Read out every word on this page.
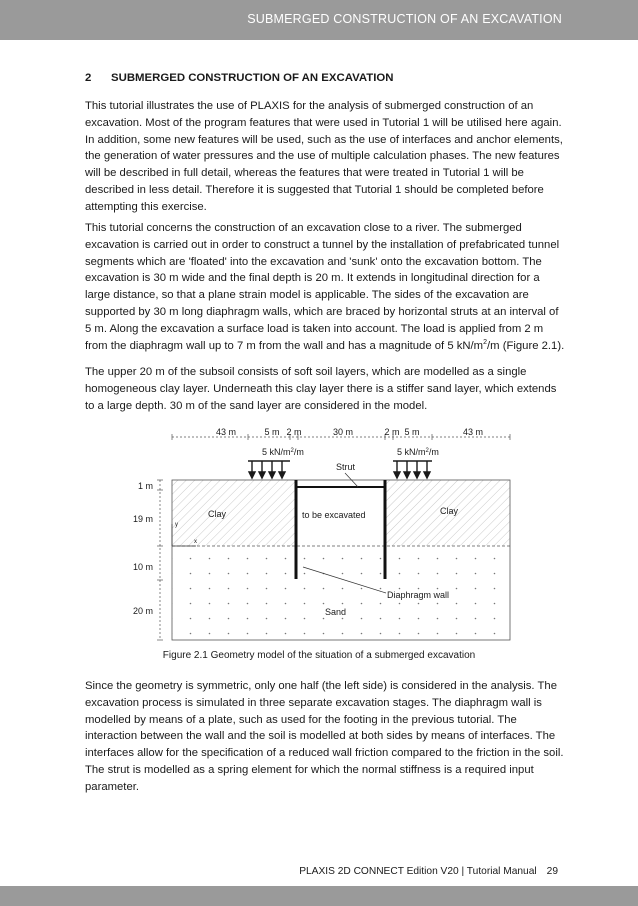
SUBMERGED CONSTRUCTION OF AN EXCAVATION
2 SUBMERGED CONSTRUCTION OF AN EXCAVATION

This tutorial illustrates the use of PLAXIS for the analysis of submerged construction of an excavation. Most of the program features that were used in Tutorial 1 will be utilised here again. In addition, some new features will be used, such as the use of interfaces and anchor elements, the generation of water pressures and the use of multiple calculation phases. The new features will be described in full detail, whereas the features that were treated in Tutorial 1 will be described in less detail. Therefore it is suggested that Tutorial 1 should be completed before attempting this exercise.

This tutorial concerns the construction of an excavation close to a river. The submerged excavation is carried out in order to construct a tunnel by the installation of prefabricated tunnel segments which are 'floated' into the excavation and 'sunk' onto the excavation bottom. The excavation is 30 m wide and the final depth is 20 m. It extends in longitudinal direction for a large distance, so that a plane strain model is applicable. The sides of the excavation are supported by 30 m long diaphragm walls, which are braced by horizontal struts at an interval of 5 m. Along the excavation a surface load is taken into account. The load is applied from 2 m from the diaphragm wall up to 7 m from the wall and has a magnitude of 5 $kN/m^2/m$ (Figure 2.1).

The upper 20 m of the subsoil consists of soft soil layers, which are modelled as a single homogeneous clay layer. Underneath this clay layer there is a stiffer sand layer, which extends to a large depth. 30 m of the sand layer are considered in the model.

43 m	5 m 2 m	30 m	2 m 5 m	43 m
5 $kN/m^2/m$	5 $kN/m^2/m$
Strut
Clay	to be excavated	Clay
Sand
Diaphragm wall
y
x
1 m
19 m
10 m
20 m
Figure 2.1 Geometry model of the situation of a submerged excavation

Since the geometry is symmetric, only one half (the left side) is considered in the analysis. The excavation process is simulated in three separate excavation stages. The diaphragm wall is modelled by means of a plate, such as used for the footing in the previous tutorial. The interaction between the wall and the soil is modelled at both sides by means of interfaces. The interfaces allow for the specification of a reduced wall friction compared to the friction in the soil. The strut is modelled as a spring element for which the normal stiffness is a required input parameter.

PLAXIS 2D CONNECT Edition V20 | Tutorial Manual 29
